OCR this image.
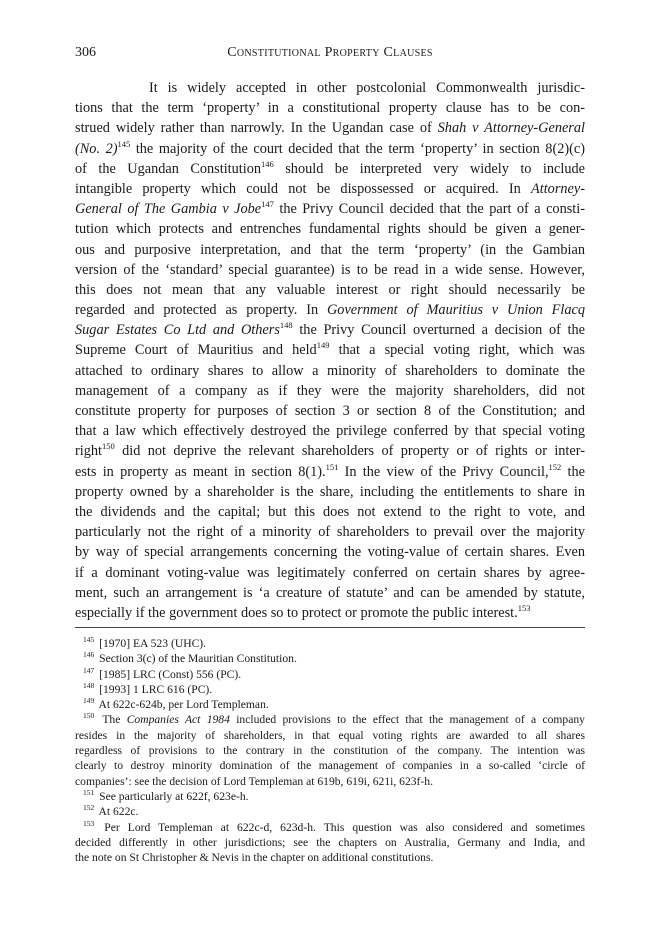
306	Constitutional Property Clauses
It is widely accepted in other postcolonial Commonwealth jurisdic-
tions that the term ‘property’ in a constitutional property clause has to be con-
strued widely rather than narrowly. In the Ugandan case of Shah v Attorney-General
(No. 2)$^{145}$ the majority of the court decided that the term ‘property’ in section 8(2)(c)
of the Ugandan Constitution$^{146}$ should be interpreted very widely to include
intangible property which could not be dispossessed or acquired. In Attorney-
General of The Gambia v Jobe$^{147}$ the Privy Council decided that the part of a consti-
tution which protects and entrenches fundamental rights should be given a gener-
ous and purposive interpretation, and that the term ‘property’ (in the Gambian
version of the ‘standard’ special guarantee) is to be read in a wide sense. However,
this does not mean that any valuable interest or right should necessarily be
regarded and protected as property. In Government of Mauritius v Union Flacq
Sugar Estates Co Ltd and Others$^{148}$ the Privy Council overturned a decision of the
Supreme Court of Mauritius and held$^{149}$ that a special voting right, which was
attached to ordinary shares to allow a minority of shareholders to dominate the
management of a company as if they were the majority shareholders, did not
constitute property for purposes of section 3 or section 8 of the Constitution; and
that a law which effectively destroyed the privilege conferred by that special voting
right$^{150}$ did not deprive the relevant shareholders of property or of rights or inter-
ests in property as meant in section 8(1).$^{151}$ In the view of the Privy Council,$^{152}$ the
property owned by a shareholder is the share, including the entitlements to share in
the dividends and the capital; but this does not extend to the right to vote, and
particularly not the right of a minority of shareholders to prevail over the majority
by way of special arrangements concerning the voting-value of certain shares. Even
if a dominant voting-value was legitimately conferred on certain shares by agree-
ment, such an arrangement is ‘a creature of statute’ and can be amended by statute,
especially if the government does so to protect or promote the public interest.$^{153}$
$^{145}$ [1970] EA 523 (UHC).
$^{146}$ Section 3(c) of the Mauritian Constitution.
$^{147}$ [1985] LRC (Const) 556 (PC).
$^{148}$ [1993] 1 LRC 616 (PC).
$^{149}$ At 622c-624b, per Lord Templeman.
$^{150}$ The Companies Act 1984 included provisions to the effect that the management of a company
resides in the majority of shareholders, in that equal voting rights are awarded to all shares
regardless of provisions to the contrary in the constitution of the company. The intention was
clearly to destroy minority domination of the management of companies in a so-called ‘circle of
companies’: see the decision of Lord Templeman at 619b, 619i, 621i, 623f-h.
$^{151}$ See particularly at 622f, 623e-h.
$^{152}$ At 622c.
$^{153}$ Per Lord Templeman at 622c-d, 623d-h. This question was also considered and sometimes
decided differently in other jurisdictions; see the chapters on Australia, Germany and India, and
the note on St Christopher & Nevis in the chapter on additional constitutions.
